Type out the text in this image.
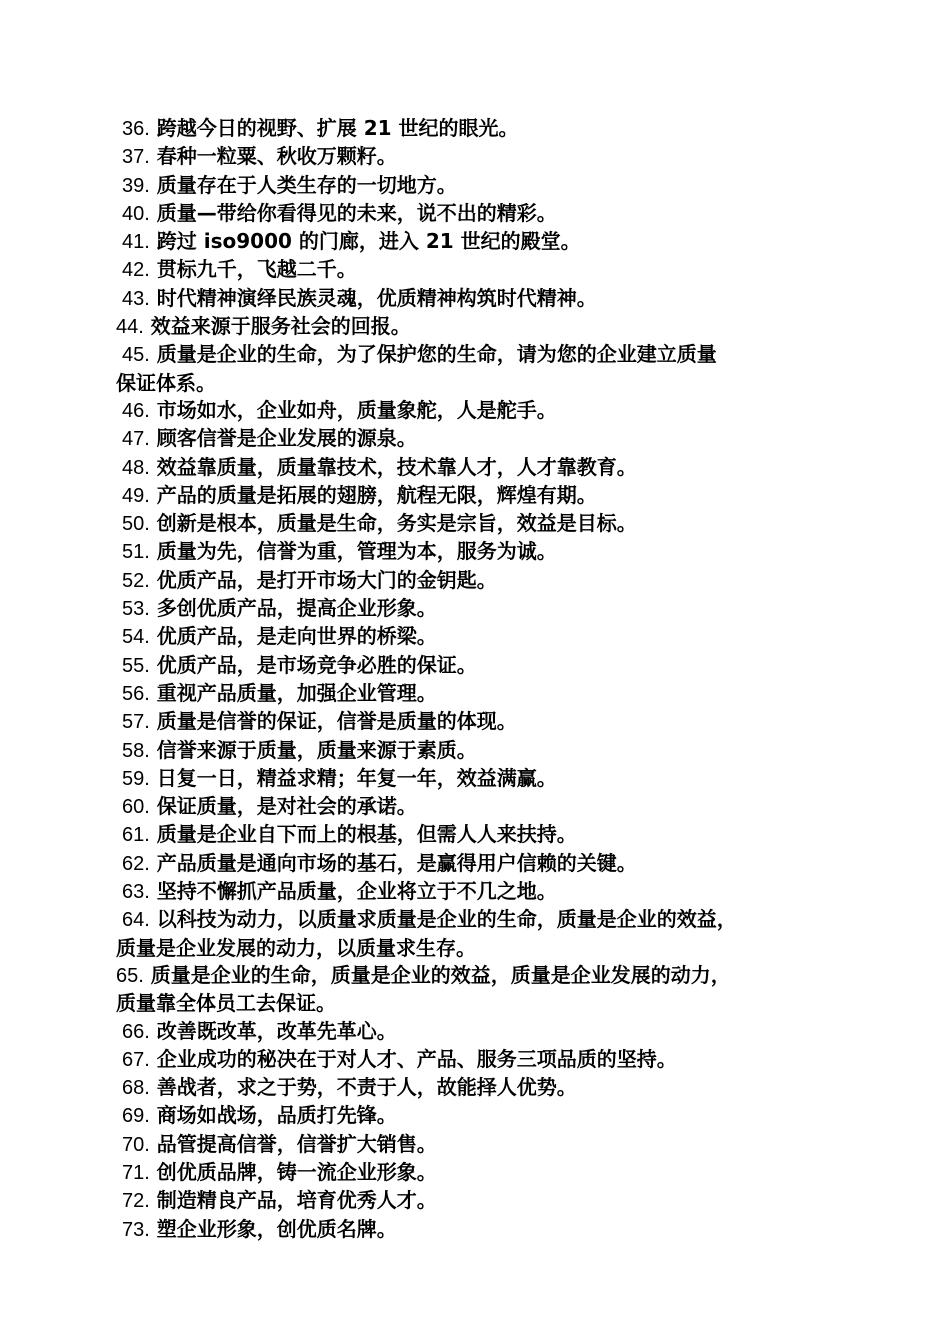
36. 跨越今日的视野、扩展 21 世纪的眼光。
37. 春种一粒粟、秋收万颗籽。
39. 质量存在于人类生存的一切地方。
40. 质量—带给你看得见的未来，说不出的精彩。
41. 跨过 iso9000 的门廊，进入 21 世纪的殿堂。
42. 贯标九千，飞越二千。
43. 时代精神演绎民族灵魂，优质精神构筑时代精神。
44. 效益来源于服务社会的回报。
45. 质量是企业的生命，为了保护您的生命，请为您的企业建立质量
保证体系。
46. 市场如水，企业如舟，质量象舵，人是舵手。
47. 顾客信誉是企业发展的源泉。
48. 效益靠质量，质量靠技术，技术靠人才，人才靠教育。
49. 产品的质量是拓展的翅膀，航程无限，辉煌有期。
50. 创新是根本，质量是生命，务实是宗旨，效益是目标。
51. 质量为先，信誉为重，管理为本，服务为诚。
52. 优质产品，是打开市场大门的金钥匙。
53. 多创优质产品，提高企业形象。
54. 优质产品，是走向世界的桥梁。
55. 优质产品，是市场竞争必胜的保证。
56. 重视产品质量，加强企业管理。
57. 质量是信誉的保证，信誉是质量的体现。
58. 信誉来源于质量，质量来源于素质。
59. 日复一日，精益求精；年复一年，效益满赢。
60. 保证质量，是对社会的承诺。
61. 质量是企业自下而上的根基，但需人人来扶持。
62. 产品质量是通向市场的基石，是赢得用户信赖的关键。
63. 坚持不懈抓产品质量，企业将立于不几之地。
64. 以科技为动力，以质量求质量是企业的生命，质量是企业的效益，
质量是企业发展的动力，以质量求生存。
65. 质量是企业的生命，质量是企业的效益，质量是企业发展的动力，
质量靠全体员工去保证。
66. 改善既改革，改革先革心。
67. 企业成功的秘决在于对人才、产品、服务三项品质的坚持。
68. 善战者，求之于势，不责于人，故能择人优势。
69. 商场如战场，品质打先锋。
70. 品管提高信誉，信誉扩大销售。
71. 创优质品牌，铸一流企业形象。
72. 制造精良产品，培育优秀人才。
73. 塑企业形象，创优质名牌。
